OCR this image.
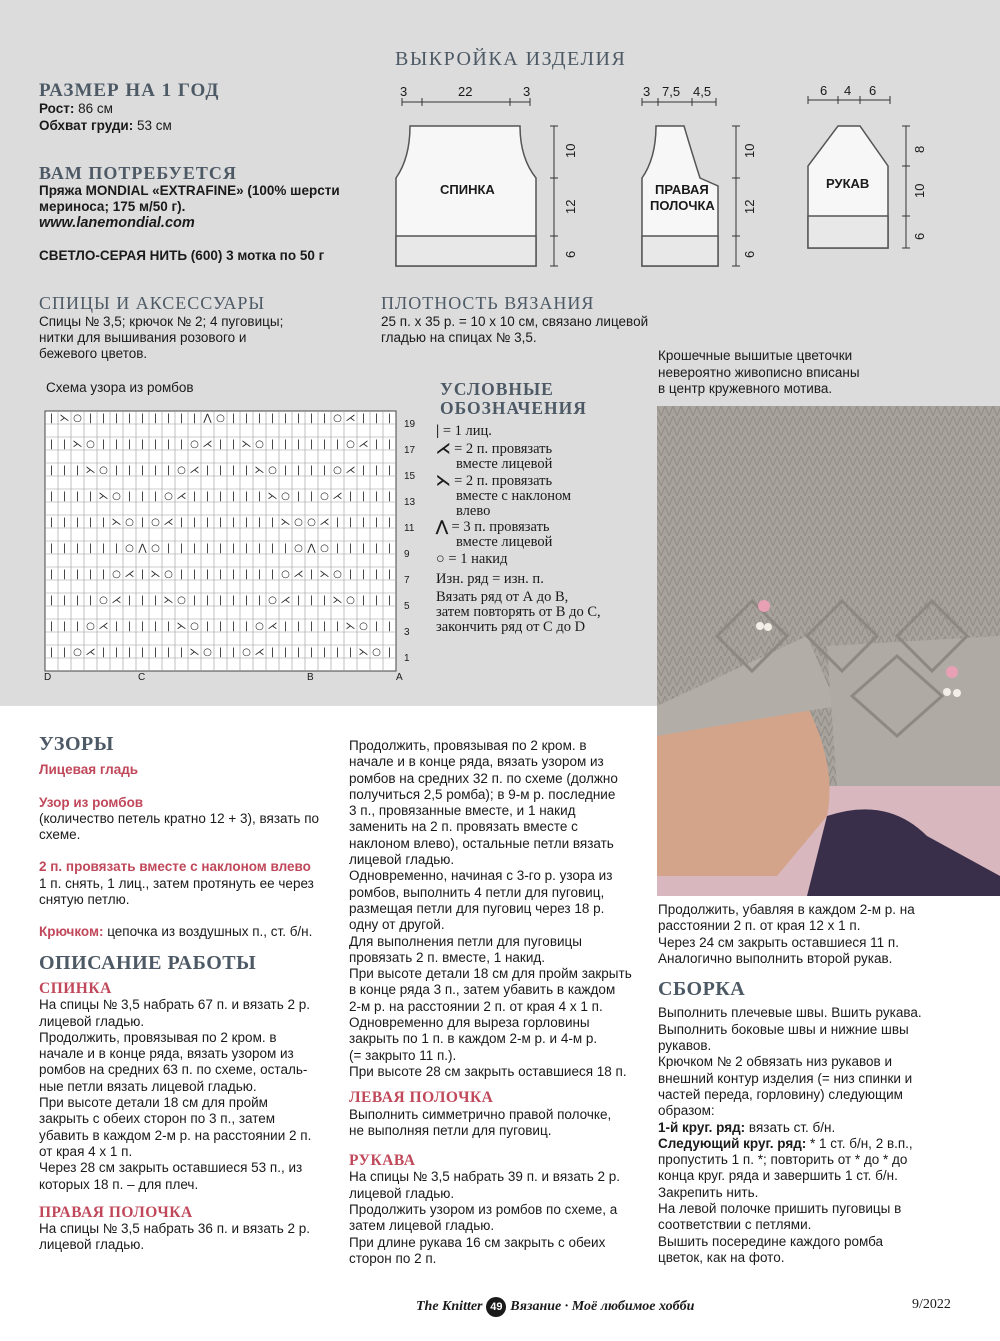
ВЫКРОЙКА ИЗДЕЛИЯ
РАЗМЕР НА 1 ГОД
Рост: 86 см
Обхват груди: 53 см
ВАМ ПОТРЕБУЕТСЯ
Пряжа MONDIAL «EXTRAFINE» (100% шерсти
мериноса; 175 м/50 г).
www.lanemondial.com
СВЕТЛО-СЕРАЯ НИТЬ (600) 3 мотка по 50 г
СПИЦЫ И АКСЕССУАРЫ
Спицы № 3,5; крючок № 2; 4 пуговицы;
нитки для вышивания розового и
бежевого цветов.
ПЛОТНОСТЬ ВЯЗАНИЯ
25 п. х 35 р. = 10 х 10 см, связано лицевой
гладью на спицах № 3,5.
3	22	3
СПИНКА
10
12
6
3 7,5 4,5
ПРАВАЯ
ПОЛОЧКА
10
12
6
6 4 6
РУКАВ
8
10
6
Схема узора из ромбов
| ⋋ ○ | | | | | | | | | ⋀ ○ | | | | | | | | ○ ⋌ | | |
| | ⋋ ○ | | | | | | | ○ ⋌ | | ⋋ ○ | | | | | | ○ ⋌ | |
| | | ⋋ ○ | | | | | ○ ⋌ | | | | ⋋ ○ | | | | ○ ⋌ | | |
| | | | ⋋ ○ | | | ○ ⋌ | | | | | | ⋋ ○ | | ○ ⋌ | | | |
| | | | | ⋋ ○ | ○ ⋌ | | | | | | | | ⋋ ○ ○ ⋌ | | | | |
| | | | | | ○ ⋀ ○ | | | | | | | | | | ○ ⋀ ○ | | | | |
| | | | | ○ ⋌ | ⋋ ○ | | | | | | | | ○ ⋌ | ⋋ ○ | | | |
| | | | ○ ⋌ | | | ⋋ ○ | | | | | | ○ ⋌ | | | ⋋ ○ | | |
| | | ○ ⋌ | | | | | ⋋ ○ | | | | ○ ⋌ | | | | | ⋋ ○ | |
| | ○ ⋌ | | | | | | | ⋋ ○ | | ○ ⋌ | | | | | | | ⋋ ○ |
19
17
15
13
11
9
7
5
3
1
D	C	B	A
УСЛОВНЫЕ
ОБОЗНАЧЕНИЯ
| = 1 лиц.
⋌ = 2 п. провязать
вместе лицевой
⋋ = 2 п. провязать
вместе с наклоном
влево
⋀ = 3 п. провязать
вместе лицевой
○ = 1 накид
Изн. ряд = изн. п.
Вязать ряд от А до В,
затем повторять от В до С,
закончить ряд от С до D
Крошечные вышитые цветочки
невероятно живописно вписаны
в центр кружевного мотива.
УЗОРЫ
Лицевая гладь
Узор из ромбов

(количество петель кратно 12 + 3), вязать по

схеме.

2 п. провязать вместе с наклоном влево

1 п. снять, 1 лиц., затем протянуть ее через

снятую петлю.

Крючком: цепочка из воздушных п., ст. б/н.

ОПИСАНИЕ РАБОТЫ
СПИНКА

На спицы № 3,5 набрать 67 п. и вязать 2 р.

лицевой гладью.

Продолжить, провязывая по 2 кром. в

начале и в конце ряда, вязать узором из

ромбов на средних 63 п. по схеме, осталь-

ные петли вязать лицевой гладью.

При высоте детали 18 см для пройм

закрыть с обеих сторон по 3 п., затем

убавить в каждом 2-м р. на расстоянии 2 п.

от края 4 х 1 п.

Через 28 см закрыть оставшиеся 53 п., из

которых 18 п. – для плеч.

ПРАВАЯ ПОЛОЧКА

На спицы № 3,5 набрать 36 п. и вязать 2 р.

лицевой гладью.

Продолжить, провязывая по 2 кром. в

начале и в конце ряда, вязать узором из

ромбов на средних 32 п. по схеме (должно

получиться 2,5 ромба); в 9-м р. последние

3 п., провязанные вместе, и 1 накид

заменить на 2 п. провязать вместе с

наклоном влево), остальные петли вязать

лицевой гладью.

Одновременно, начиная с 3-го р. узора из

ромбов, выполнить 4 петли для пуговиц,

размещая петли для пуговиц через 18 р.

одну от другой.

Для выполнения петли для пуговицы

провязать 2 п. вместе, 1 накид.

При высоте детали 18 см для пройм закрыть

в конце ряда 3 п., затем убавить в каждом

2-м р. на расстоянии 2 п. от края 4 х 1 п.

Одновременно для выреза горловины

закрыть по 1 п. в каждом 2-м р. и 4-м р.

(= закрыто 11 п.).

При высоте 28 см закрыть оставшиеся 18 п.

ЛЕВАЯ ПОЛОЧКА

Выполнить симметрично правой полочке,

не выполняя петли для пуговиц.

РУКАВА

На спицы № 3,5 набрать 39 п. и вязать 2 р.

лицевой гладью.

Продолжить узором из ромбов по схеме, а

затем лицевой гладью.

При длине рукава 16 см закрыть с обеих

сторон по 2 п.

Продолжить, убавляя в каждом 2-м р. на

расстоянии 2 п. от края 12 х 1 п.

Через 24 см закрыть оставшиеся 11 п.

Аналогично выполнить второй рукав.

СБОРКА

Выполнить плечевые швы. Вшить рукава.

Выполнить боковые швы и нижние швы

рукавов.

Крючком № 2 обвязать низ рукавов и

внешний контур изделия (= низ спинки и

частей переда, горловину) следующим

образом:

1-й круг. ряд: вязать ст. б/н.

Следующий круг. ряд: * 1 ст. б/н, 2 в.п.,

пропустить 1 п. *; повторить от * до * до

конца круг. ряда и завершить 1 ст. б/н.

Закрепить нить.

На левой полочке пришить пуговицы в

соответствии с петлями.

Вышить посередине каждого ромба

цветок, как на фото.

The Knitter 49 Вязание · Моё любимое хобби	9/2022
